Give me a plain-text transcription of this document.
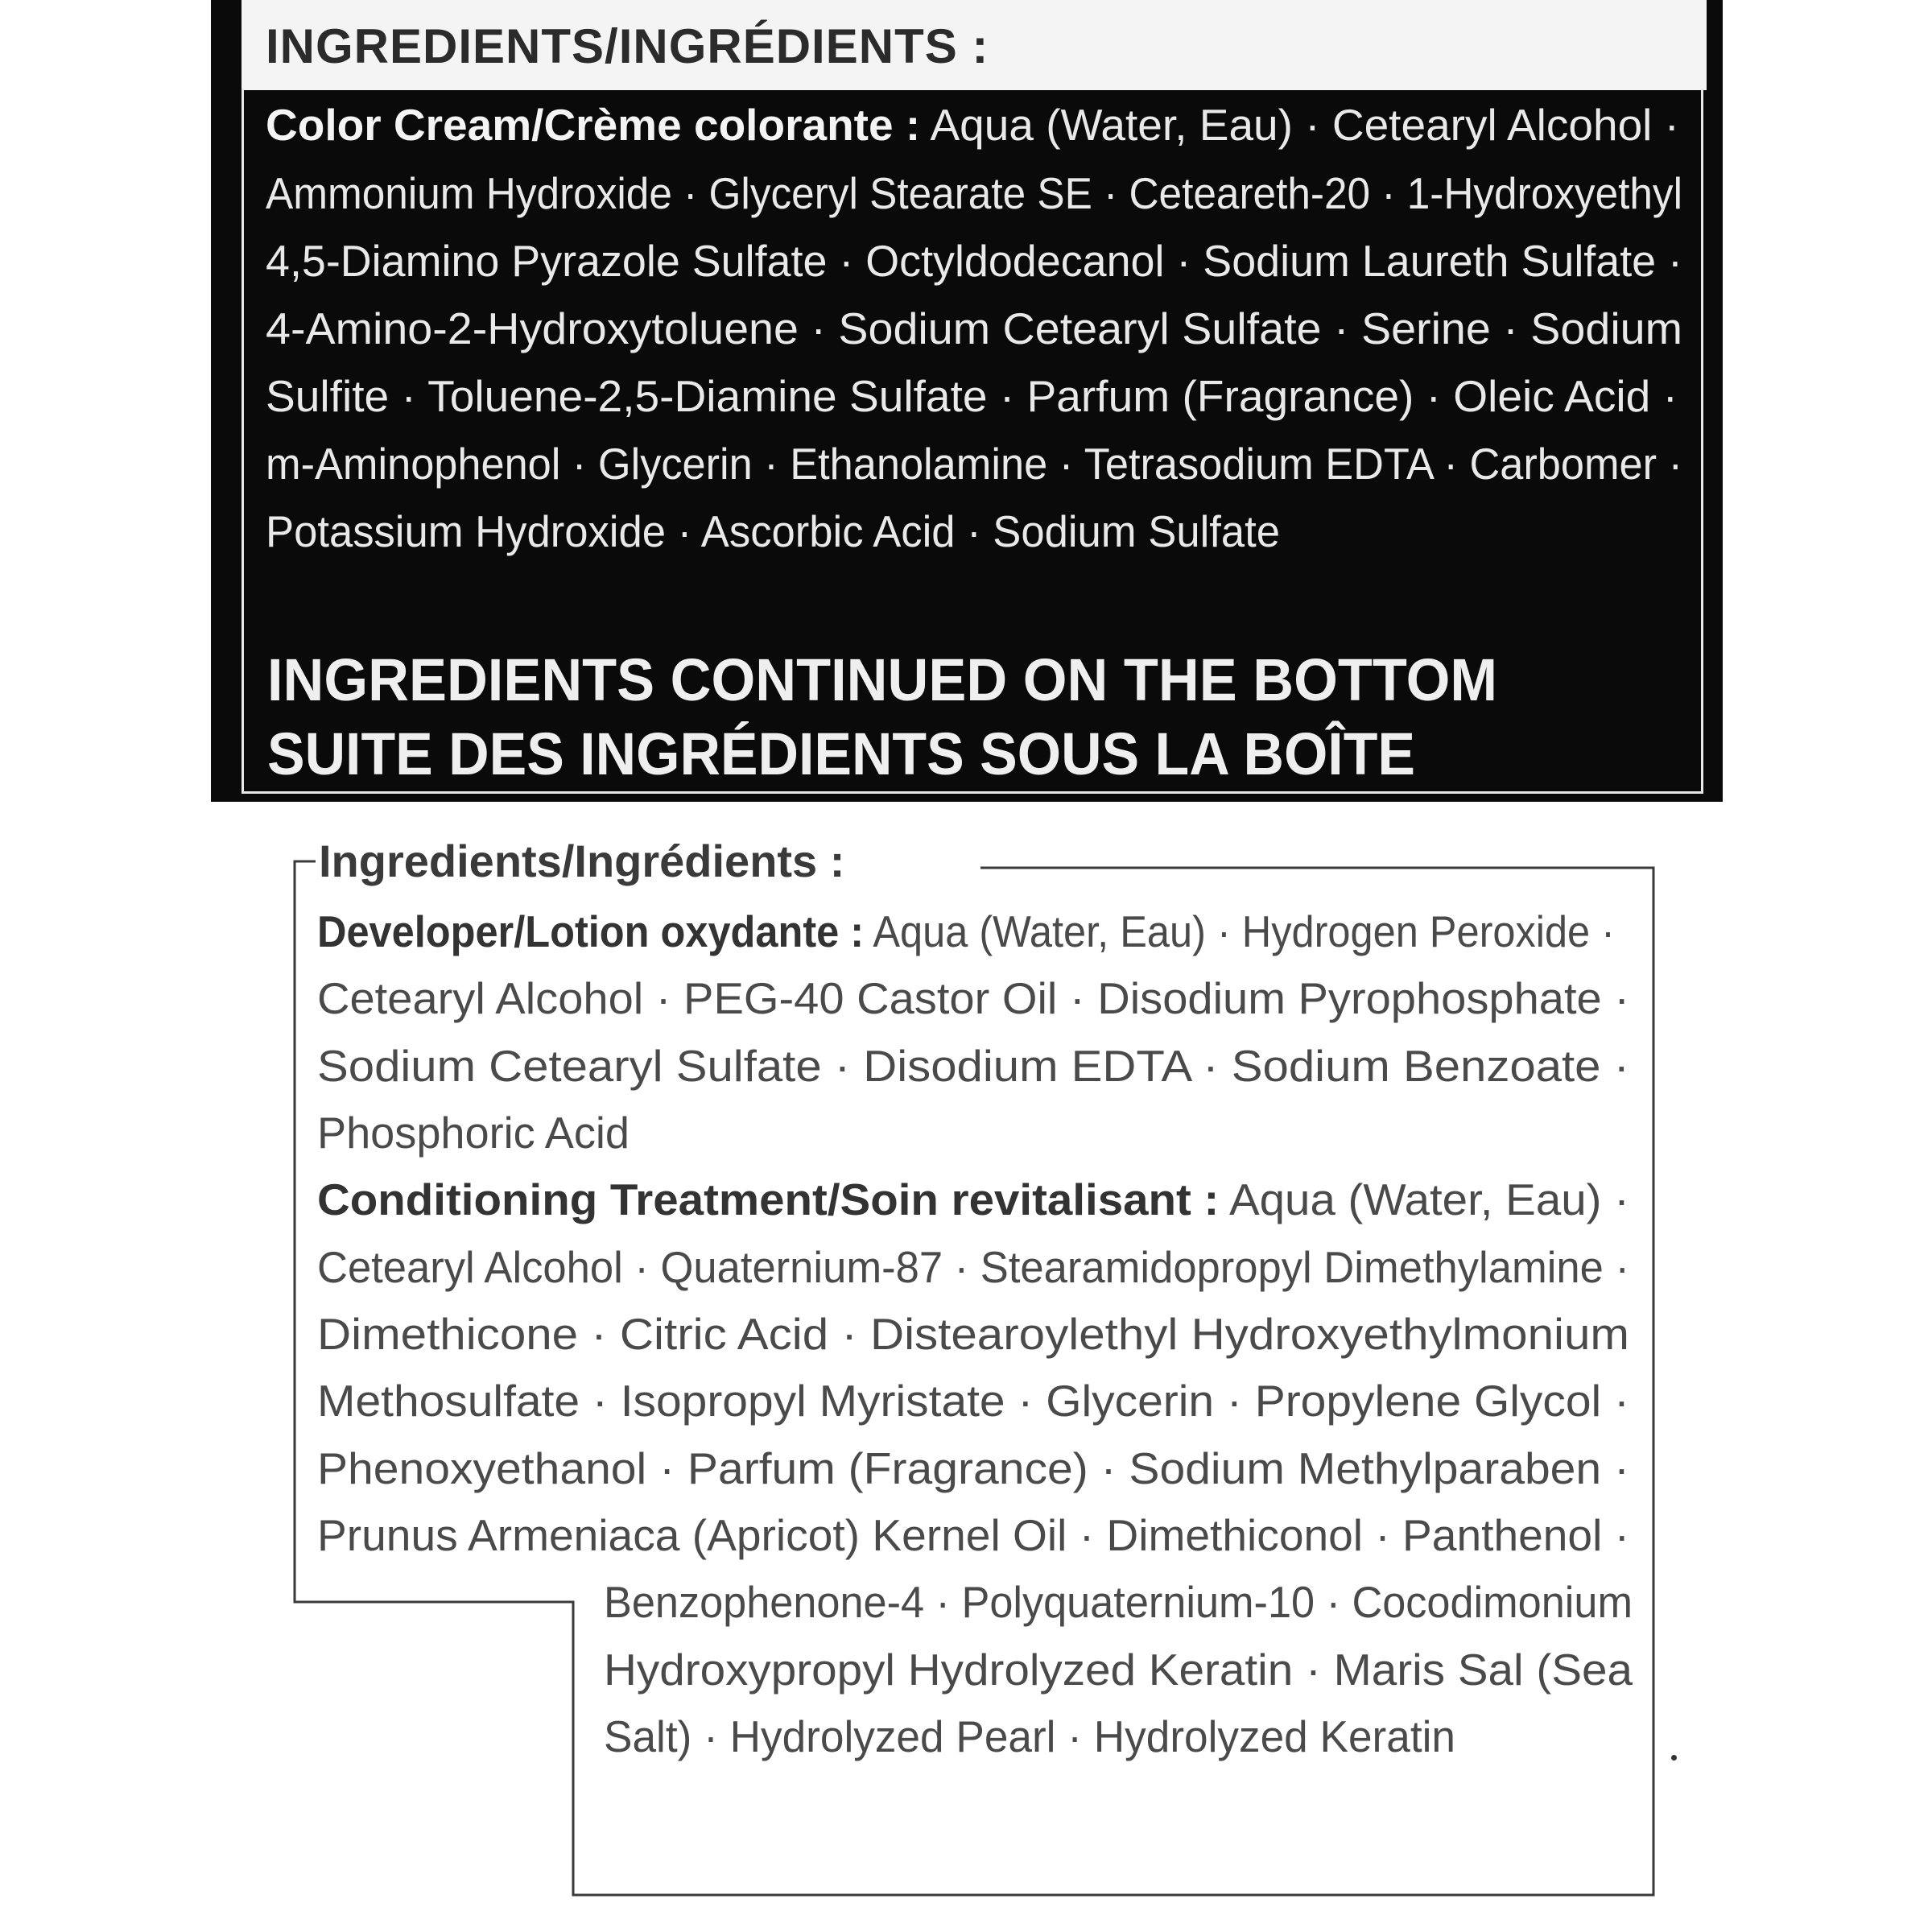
INGREDIENTS/INGRÉDIENTS :
Color Cream/Crème colorante : Aqua (Water, Eau) · Cetearyl Alcohol ·
Ammonium Hydroxide · Glyceryl Stearate SE · Ceteareth-20 · 1-Hydroxyethyl
4,5-Diamino Pyrazole Sulfate · Octyldodecanol · Sodium Laureth Sulfate ·
4-Amino-2-Hydroxytoluene · Sodium Cetearyl Sulfate · Serine · Sodium
Sulfite · Toluene-2,5-Diamine Sulfate · Parfum (Fragrance) · Oleic Acid ·
m-Aminophenol · Glycerin · Ethanolamine · Tetrasodium EDTA · Carbomer ·
Potassium Hydroxide · Ascorbic Acid · Sodium Sulfate
INGREDIENTS CONTINUED ON THE BOTTOM
SUITE DES INGRÉDIENTS SOUS LA BOÎTE
Ingredients/Ingrédients :
Developer/Lotion oxydante : Aqua (Water, Eau) · Hydrogen Peroxide ·
Cetearyl Alcohol · PEG-40 Castor Oil · Disodium Pyrophosphate ·
Sodium Cetearyl Sulfate · Disodium EDTA · Sodium Benzoate ·
Phosphoric Acid
Conditioning Treatment/Soin revitalisant : Aqua (Water, Eau) ·
Cetearyl Alcohol · Quaternium-87 · Stearamidopropyl Dimethylamine ·
Dimethicone · Citric Acid · Distearoylethyl Hydroxyethylmonium
Methosulfate · Isopropyl Myristate · Glycerin · Propylene Glycol ·
Phenoxyethanol · Parfum (Fragrance) · Sodium Methylparaben ·
Prunus Armeniaca (Apricot) Kernel Oil · Dimethiconol · Panthenol ·
Benzophenone-4 · Polyquaternium-10 · Cocodimonium
Hydroxypropyl Hydrolyzed Keratin · Maris Sal (Sea
Salt) · Hydrolyzed Pearl · Hydrolyzed Keratin
